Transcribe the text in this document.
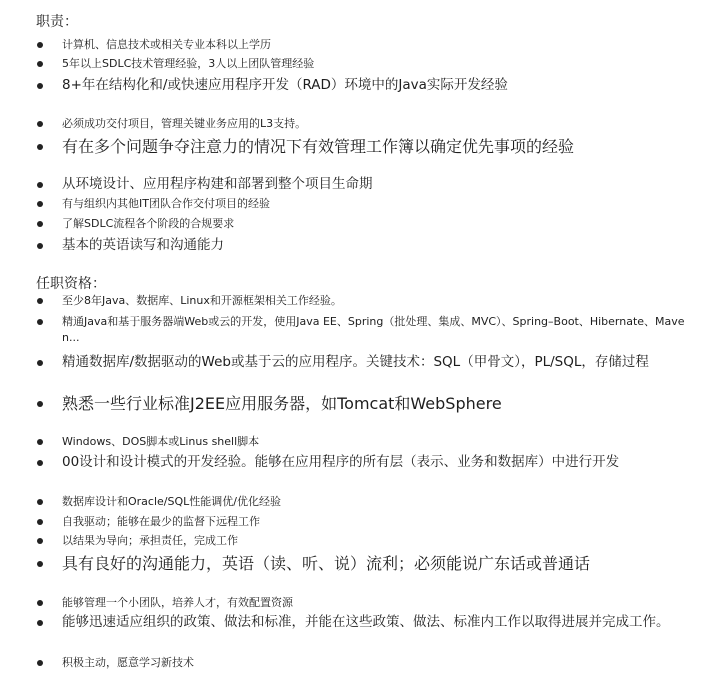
职责：
计算机、信息技术或相关专业本科以上学历
5年以上SDLC技术管理经验，3人以上团队管理经验
8+年在结构化和/或快速应用程序开发（RAD）环境中的Java实际开发经验
必须成功交付项目，管理关键业务应用的L3支持。
有在多个问题争夺注意力的情况下有效管理工作簿以确定优先事项的经验
从环境设计、应用程序构建和部署到整个项目生命期
有与组织内其他IT团队合作交付项目的经验
了解SDLC流程各个阶段的合规要求
基本的英语读写和沟通能力
任职资格：
至少8年Java、数据库、Linux和开源框架相关工作经验。
精通Java和基于服务器端Web或云的开发，使用Java EE、Spring（批处理、集成、MVC）、Spring–Boot、Hibernate、Maven...
精通数据库/数据驱动的Web或基于云的应用程序。关键技术：SQL（甲骨文），PL/SQL，存储过程
熟悉一些行业标准J2EE应用服务器，如Tomcat和WebSphere
Windows、DOS脚本或Linus shell脚本
00设计和设计模式的开发经验。能够在应用程序的所有层（表示、业务和数据库）中进行开发
数据库设计和Oracle/SQL性能调优/优化经验
自我驱动；能够在最少的监督下远程工作
以结果为导向；承担责任，完成工作
具有良好的沟通能力，英语（读、听、说）流利；必须能说广东话或普通话
能够管理一个小团队，培养人才，有效配置资源
能够迅速适应组织的政策、做法和标准，并能在这些政策、做法、标准内工作以取得进展并完成工作。
积极主动，愿意学习新技术
